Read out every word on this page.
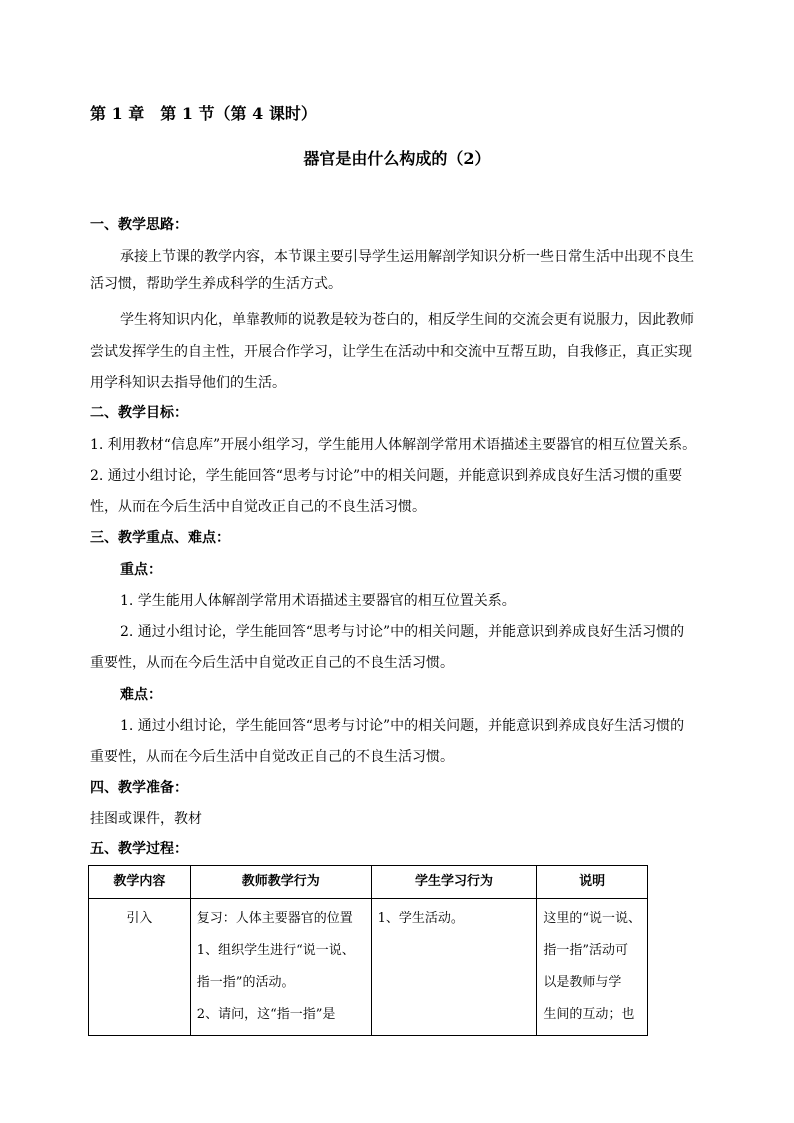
第 1 章　第 1 节（第 4 课时）
器官是由什么构成的（2）
一、教学思路：
承接上节课的教学内容，本节课主要引导学生运用解剖学知识分析一些日常生活中出现不良生
活习惯，帮助学生养成科学的生活方式。
学生将知识内化，单靠教师的说教是较为苍白的，相反学生间的交流会更有说服力，因此教师
尝试发挥学生的自主性，开展合作学习，让学生在活动中和交流中互帮互助，自我修正，真正实现
用学科知识去指导他们的生活。
二、教学目标：
1. 利用教材“信息库”开展小组学习，学生能用人体解剖学常用术语描述主要器官的相互位置关系。
2. 通过小组讨论，学生能回答“思考与讨论”中的相关问题，并能意识到养成良好生活习惯的重要
性，从而在今后生活中自觉改正自己的不良生活习惯。
三、教学重点、难点：
重点：
1. 学生能用人体解剖学常用术语描述主要器官的相互位置关系。
2. 通过小组讨论，学生能回答“思考与讨论”中的相关问题，并能意识到养成良好生活习惯的
重要性，从而在今后生活中自觉改正自己的不良生活习惯。
难点：
1. 通过小组讨论，学生能回答“思考与讨论”中的相关问题，并能意识到养成良好生活习惯的
重要性，从而在今后生活中自觉改正自己的不良生活习惯。
四、教学准备：
挂图或课件，教材
五、教学过程：
教学内容	教师教学行为	学生学习行为	说明

引入	复习：人体主要器官的位置
1、组织学生进行“说一说、
指一指”的活动。
2、请问，这“指一指”是	1、学生活动。	这里的“说一说、
指一指”活动可
以是教师与学
生间的互动；也
